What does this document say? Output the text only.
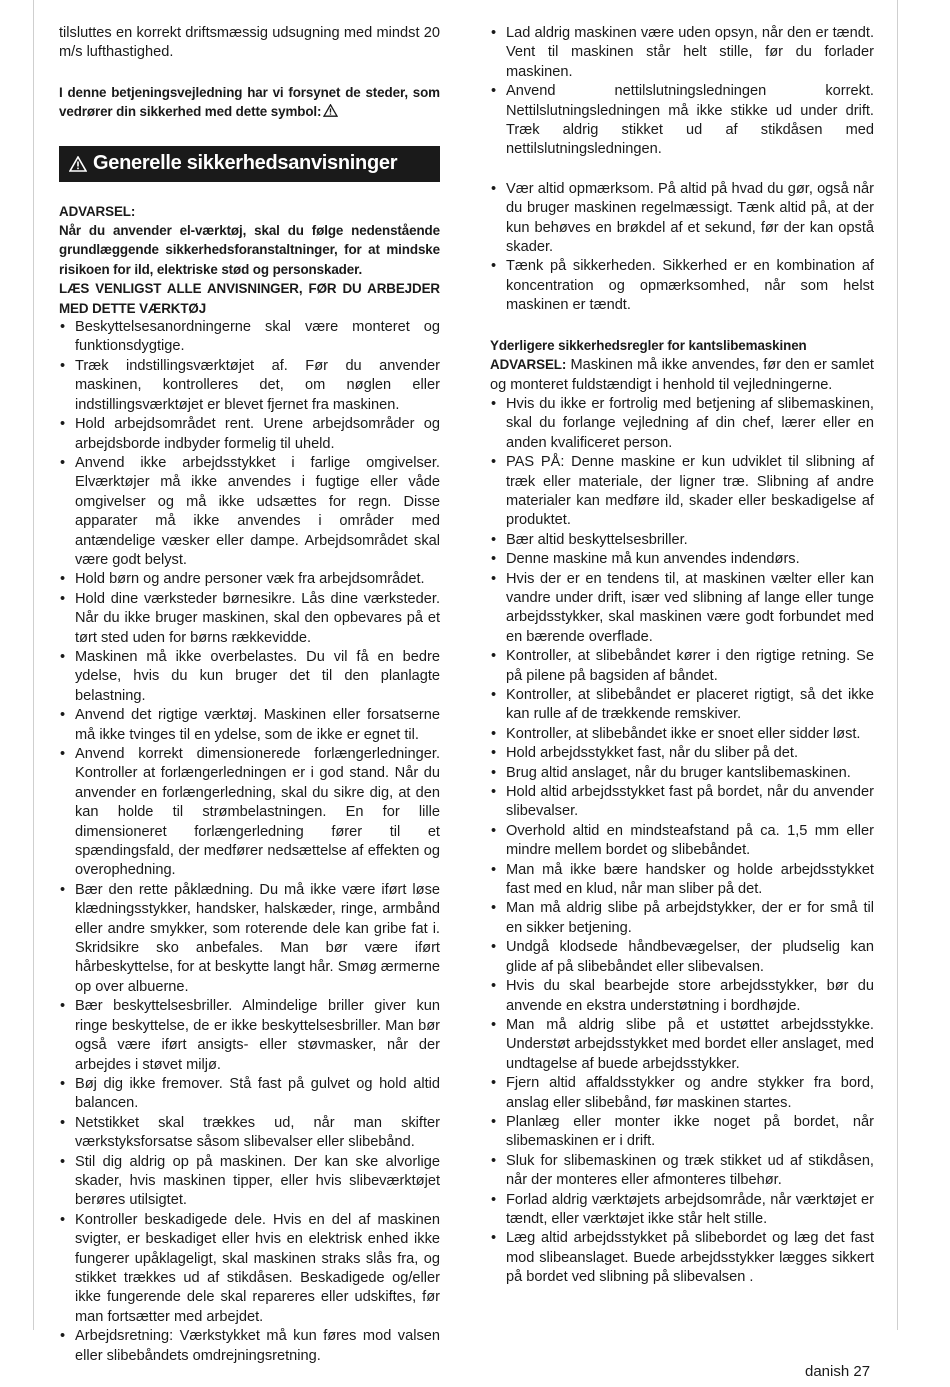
tilsluttes en korrekt driftsmæssig udsugning med mindst 20 m/s lufthastighed.

I denne betjeningsvejledning har vi forsynet de steder, som vedrører din sikkerhed med dette symbol:

Generelle sikkerhedsanvisninger

ADVARSEL:

Når du anvender el-værktøj, skal du følge nedenstående grundlæggende sikkerhedsforanstaltninger, for at mindske risikoen for ild, elektriske stød og personskader.

LÆS VENLIGST ALLE ANVISNINGER, FØR DU ARBEJDER MED DETTE VÆRKTØJ

• Beskyttelsesanordningerne skal være monteret og funktionsdygtige.
• Træk indstillingsværktøjet af. Før du anvender maskinen, kontrolleres det, om nøglen eller indstillingsværktøjet er blevet fjernet fra maskinen.
• Hold arbejdsområdet rent. Urene arbejdsområder og arbejdsborde indbyder formelig til uheld.
• Anvend ikke arbejdsstykket i farlige omgivelser. Elværktøjer må ikke anvendes i fugtige eller våde omgivelser og må ikke udsættes for regn. Disse apparater må ikke anvendes i områder med antændelige væsker eller dampe. Arbejdsområdet skal være godt belyst.
• Hold børn og andre personer væk fra arbejdsområdet.
• Hold dine værksteder børnesikre. Lås dine værksteder. Når du ikke bruger maskinen, skal den opbevares på et tørt sted uden for børns rækkevidde.
• Maskinen må ikke overbelastes. Du vil få en bedre ydelse, hvis du kun bruger det til den planlagte belastning.
• Anvend det rigtige værktøj. Maskinen eller forsatserne må ikke tvinges til en ydelse, som de ikke er egnet til.
• Anvend korrekt dimensionerede forlængerledninger. Kontroller at forlængerledningen er i god stand. Når du anvender en forlængerledning, skal du sikre dig, at den kan holde til strømbelastningen. En for lille dimensioneret forlængerledning fører til et spændingsfald, der medfører nedsættelse af effekten og overophedning.
• Bær den rette påklædning. Du må ikke være iført løse klædningsstykker, handsker, halskæder, ringe, armbånd eller andre smykker, som roterende dele kan gribe fat i. Skridsikre sko anbefales. Man bør være iført hårbeskyttelse, for at beskytte langt hår. Smøg ærmerne op over albuerne.
• Bær beskyttelsesbriller. Almindelige briller giver kun ringe beskyttelse, de er ikke beskyttelsesbriller. Man bør også være iført ansigts- eller støvmasker, når der arbejdes i støvet miljø.
• Bøj dig ikke fremover. Stå fast på gulvet og hold altid balancen.
• Netstikket skal trækkes ud, når man skifter værkstyksforsatse såsom slibevalser eller slibebånd.
• Stil dig aldrig op på maskinen. Der kan ske alvorlige skader, hvis maskinen tipper, eller hvis slibeværktøjet berøres utilsigtet.
• Kontroller beskadigede dele. Hvis en del af maskinen svigter, er beskadiget eller hvis en elektrisk enhed ikke fungerer upåklageligt, skal maskinen straks slås fra, og stikket trækkes ud af stikdåsen. Beskadigede og/eller ikke fungerende dele skal repareres eller udskiftes, før man fortsætter med arbejdet.
• Arbejdsretning: Værkstykket må kun føres mod valsen eller slibebåndets omdrejningsretning.
• Lad aldrig maskinen være uden opsyn, når den er tændt. Vent til maskinen står helt stille, før du forlader maskinen.
• Anvend nettilslutningsledningen korrekt. Nettilslutningsledningen må ikke stikke ud under drift. Træk aldrig stikket ud af stikdåsen med nettilslutningsledningen.
• Vær altid opmærksom. På altid på hvad du gør, også når du bruger maskinen regelmæssigt. Tænk altid på, at der kun behøves en brøkdel af et sekund, før der kan opstå skader.
• Tænk på sikkerheden. Sikkerhed er en kombination af koncentration og opmærksomhed, når som helst maskinen er tændt.

Yderligere sikkerhedsregler for kantslibemaskinen

ADVARSEL: Maskinen må ikke anvendes, før den er samlet og monteret fuldstændigt i henhold til vejledningerne.

• Hvis du ikke er fortrolig med betjening af slibemaskinen, skal du forlange vejledning af din chef, lærer eller en anden kvalificeret person.
• PAS PÅ: Denne maskine er kun udviklet til slibning af træk eller materiale, der ligner træ. Slibning af andre materialer kan medføre ild, skader eller beskadigelse af produktet.
• Bær altid beskyttelsesbriller.
• Denne maskine må kun anvendes indendørs.
• Hvis der er en tendens til, at maskinen vælter eller kan vandre under drift, især ved slibning af lange eller tunge arbejdsstykker, skal maskinen være godt forbundet med en bærende overflade.
• Kontroller, at slibebåndet kører i den rigtige retning. Se på pilene på bagsiden af båndet.
• Kontroller, at slibebåndet er placeret rigtigt, så det ikke kan rulle af de trækkende remskiver.
• Kontroller, at slibebåndet ikke er snoet eller sidder løst.
• Hold arbejdsstykket fast, når du sliber på det.
• Brug altid anslaget, når du bruger kantslibemaskinen.
• Hold altid arbejdsstykket fast på bordet, når du anvender slibevalser.
• Overhold altid en mindsteafstand på ca. 1,5 mm eller mindre mellem bordet og slibebåndet.
• Man må ikke bære handsker og holde arbejdsstykket fast med en klud, når man sliber på det.
• Man må aldrig slibe på arbejdstykker, der er for små til en sikker betjening.
• Undgå klodsede håndbevægelser, der pludselig kan glide af på slibebåndet eller slibevalsen.
• Hvis du skal bearbejde store arbejdsstykker, bør du anvende en ekstra understøtning i bordhøjde.
• Man må aldrig slibe på et ustøttet arbejdsstykke. Understøt arbejdsstykket med bordet eller anslaget, med undtagelse af buede arbejdsstykker.
• Fjern altid affaldsstykker og andre stykker fra bord, anslag eller slibebånd, før maskinen startes.
• Planlæg eller monter ikke noget på bordet, når slibemaskinen er i drift.
• Sluk for slibemaskinen og træk stikket ud af stikdåsen, når der monteres eller afmonteres tilbehør.
• Forlad aldrig værktøjets arbejdsområde, når værktøjet er tændt, eller værktøjet ikke står helt stille.
• Læg altid arbejdsstykket på slibebordet og læg det fast mod slibeanslaget. Buede arbejdsstykker lægges sikkert på bordet ved slibning på slibevalsen .
danish 27
